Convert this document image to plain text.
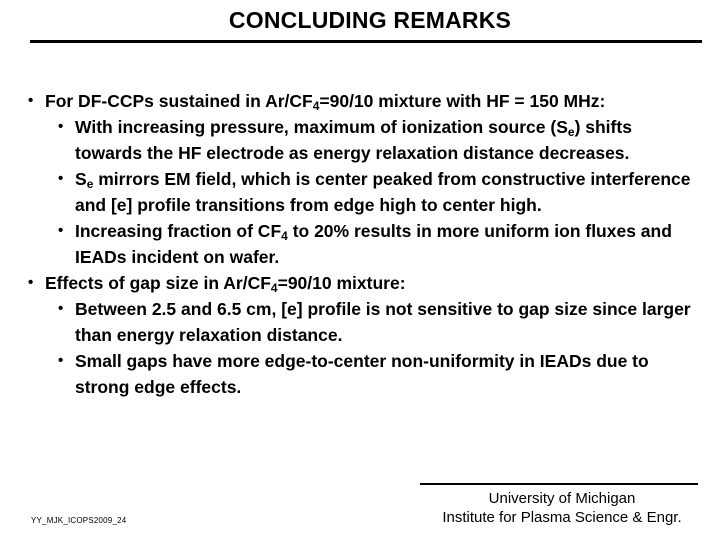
CONCLUDING REMARKS
• For DF-CCPs sustained in $Ar/CF_4=90/10$ mixture with HF = 150 MHz:
• With increasing pressure, maximum of ionization source $(S_e)$ shifts towards the HF electrode as energy relaxation distance decreases.
• $S_e$ mirrors EM field, which is center peaked from constructive interference and [e] profile transitions from edge high to center high.
• Increasing fraction of $CF_4$ to 20% results in more uniform ion fluxes and IEADs incident on wafer.
• Effects of gap size in $Ar/CF_4=90/10$ mixture:
• Between 2.5 and 6.5 cm, [e] profile is not sensitive to gap size since larger than energy relaxation distance.
• Small gaps have more edge-to-center non-uniformity in IEADs due to strong edge effects.
YY_MJK_ICOPS2009_24
University of Michigan
Institute for Plasma Science & Engr.
